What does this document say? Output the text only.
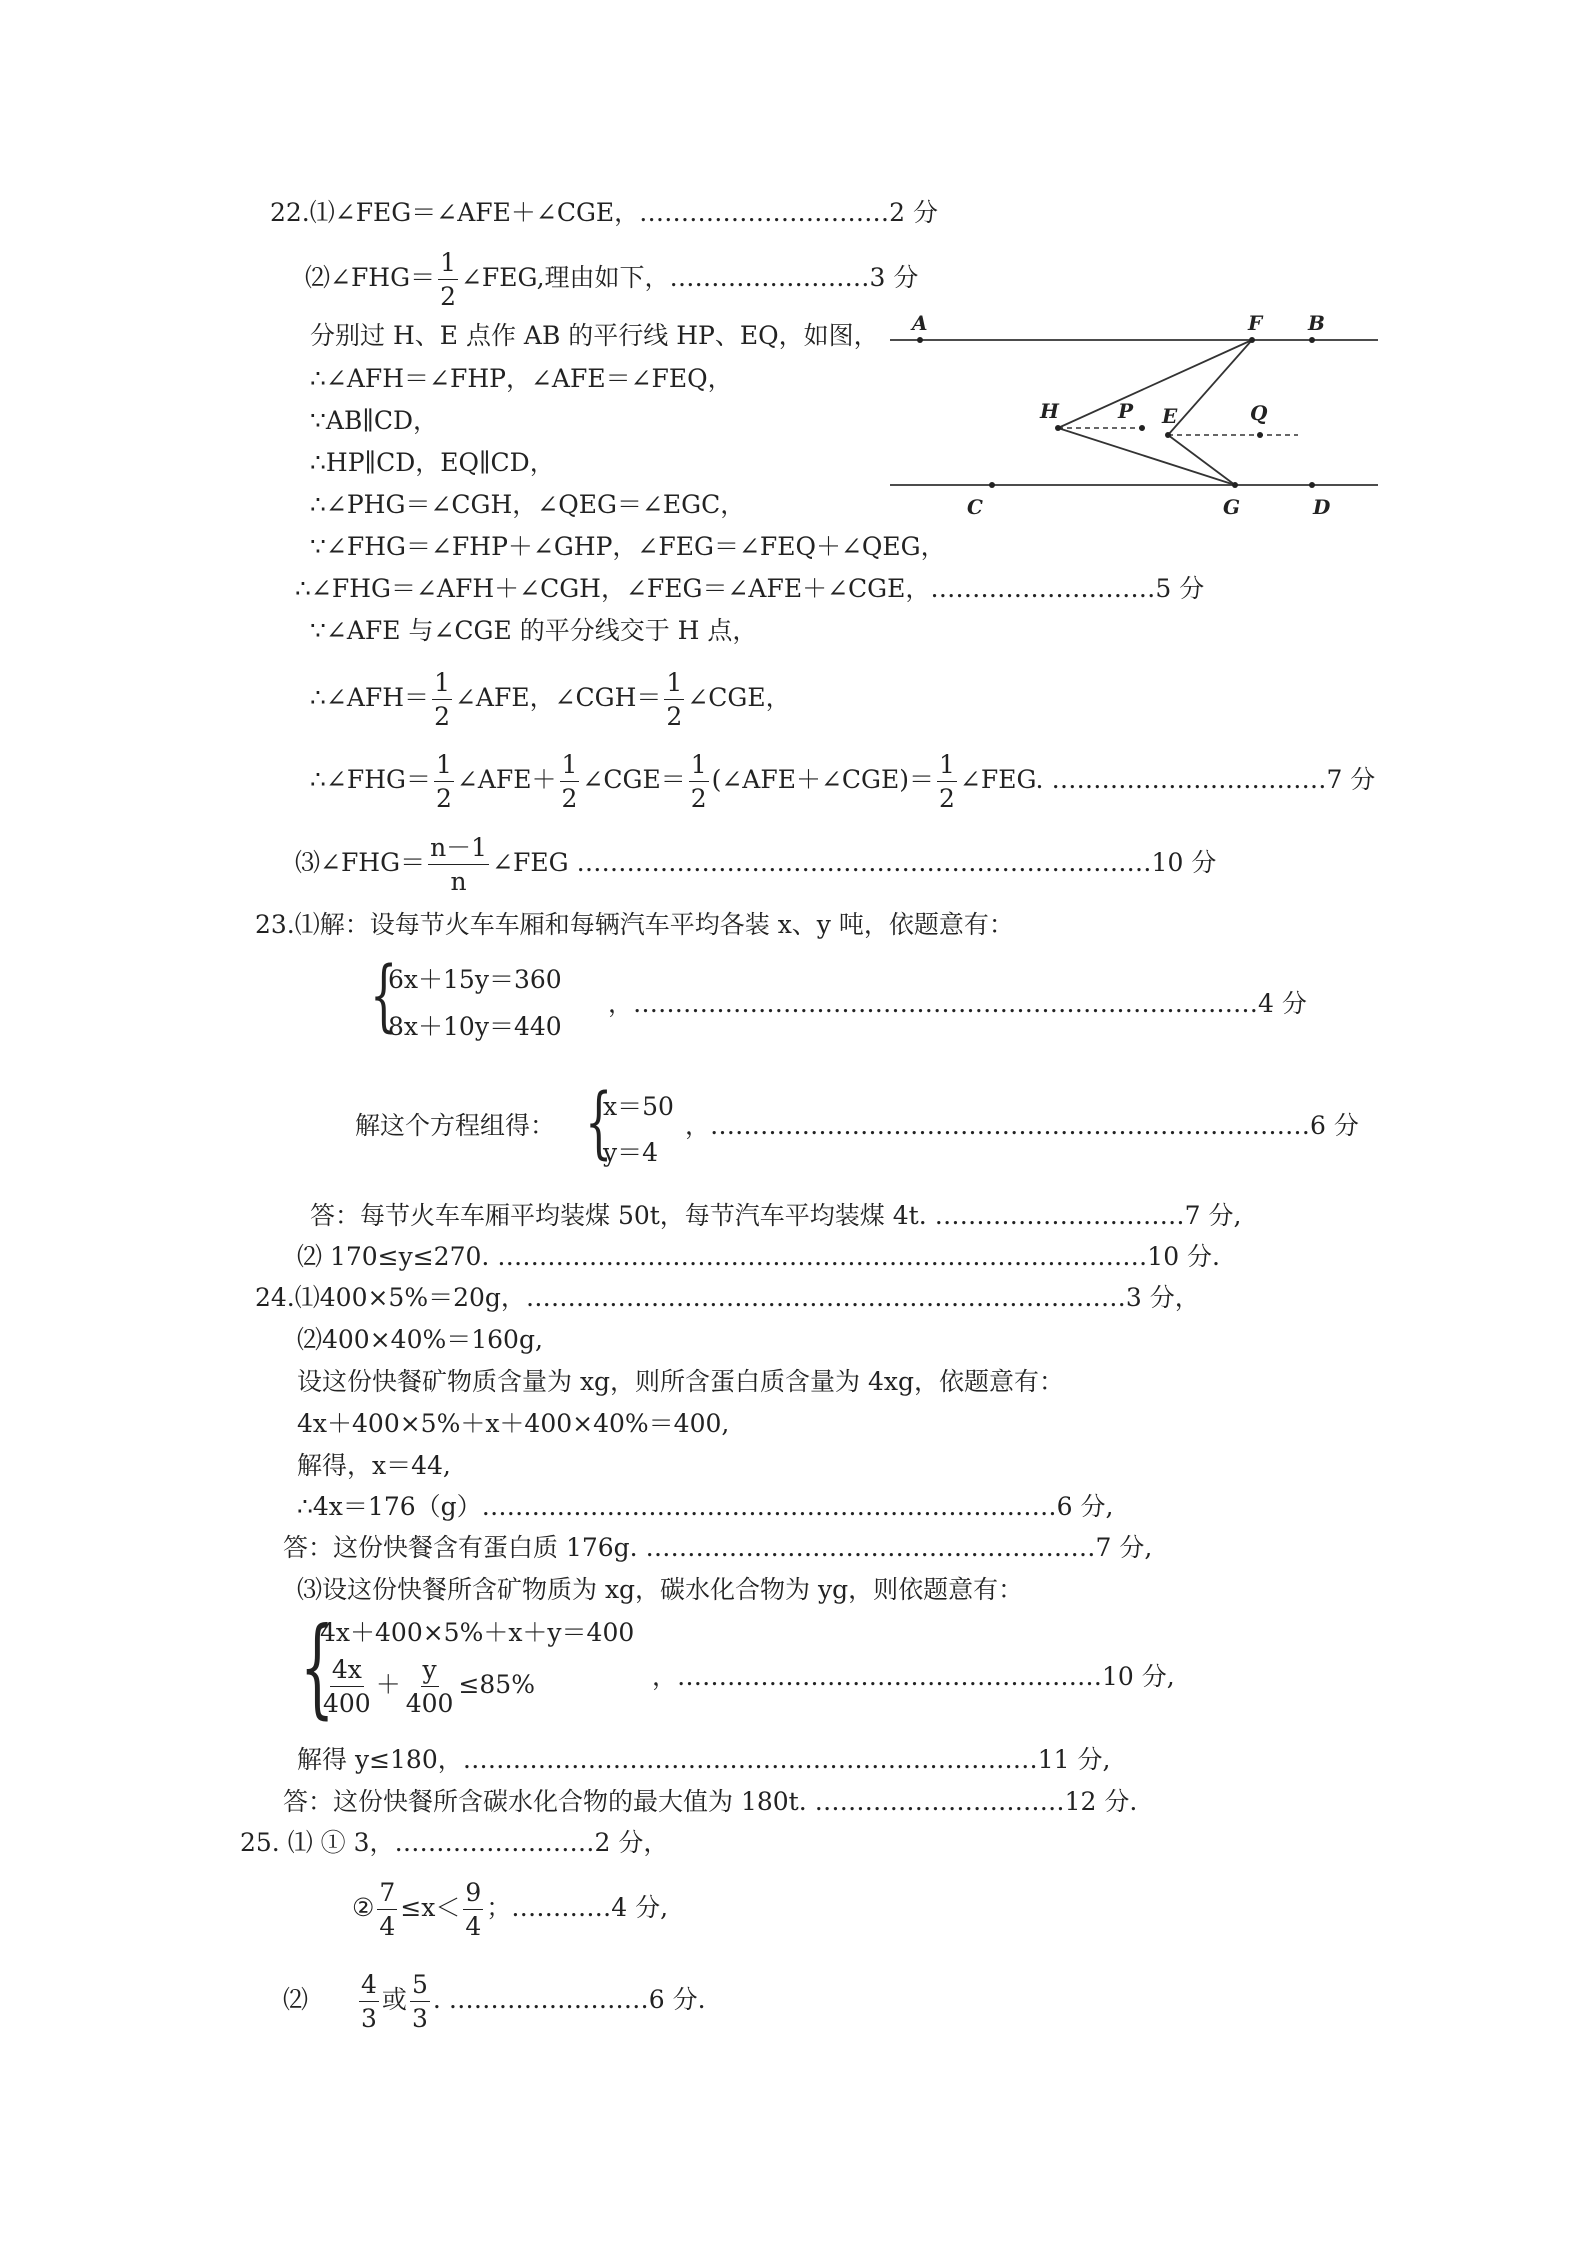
22.⑴∠FEG＝∠AFE＋∠CGE，…………………………2 分
⑵∠FHG＝ $\frac{1}{2}$ ∠FEG,理由如下，……………………3 分
分别过 H、E 点作 AB 的平行线 HP、EQ，如图，
∴∠AFH＝∠FHP，∠AFE＝∠FEQ，
∵AB∥CD，
∴HP∥CD，EQ∥CD，
∴∠PHG＝∠CGH，∠QEG＝∠EGC，
∵∠FHG＝∠FHP＋∠GHP，∠FEG＝∠FEQ＋∠QEG，
∴∠FHG＝∠AFH＋∠CGH，∠FEG＝∠AFE＋∠CGE，………………………5 分
∵∠AFE 与∠CGE 的平分线交于 H 点，
∴∠AFH＝ $\frac{1}{2}$ ∠AFE，∠CGH＝ $\frac{1}{2}$ ∠CGE，
∴∠FHG＝ $\frac{1}{2}$ ∠AFE＋ $\frac{1}{2}$ ∠CGE＝ $\frac{1}{2}$ (∠AFE＋∠CGE)＝ $\frac{1}{2}$ ∠FEG. ……………………………7 分
⑶∠FHG＝ $\frac{n-1}{n}$ ∠FEG ……………………………………………………………10 分
A	F B
H	P E	Q
C	G	D
23.⑴解：设每节火车车厢和每辆汽车平均各装 x、y 吨，依题意有：
{
6x＋15y＝360
8x＋10y＝440
，…………………………………………………………………4 分
解这个方程组得： {
x＝50
y＝4
，………………………………………………………………6 分
答：每节火车车厢平均装煤 50t，每节汽车平均装煤 4t. …………………………7 分,
⑵ 170≤y≤270. ……………………………………………………………………10 分.
24.⑴400×5%＝20g，………………………………………………………………3 分，
⑵400×40%＝160g,
设这份快餐矿物质含量为 xg，则所含蛋白质含量为 4xg，依题意有：
4x＋400×5%＋x＋400×40%＝400,
解得，x＝44,
∴4x＝176（g）……………………………………………………………6 分,
答：这份快餐含有蛋白质 176g. ………………………………………………7 分,
⑶设这份快餐所含矿物质为 xg，碳水化合物为 yg，则依题意有：
{
4x＋400×5%＋x＋y＝400
$\frac{4x}{400} + \frac{y}{400} \le 85\%$	，……………………………………………10 分,
解得 y≤180，……………………………………………………………11 分,
答：这份快餐所含碳水化合物的最大值为 180t. …………………………12 分.
25. ⑴ ① 3，……………………2 分，
② $\frac{7}{4} \le x< \frac{9}{4}$ ；…………4 分,
⑵ $\frac{4}{3}$ 或 $\frac{5}{3}$ . ……………………6 分.
